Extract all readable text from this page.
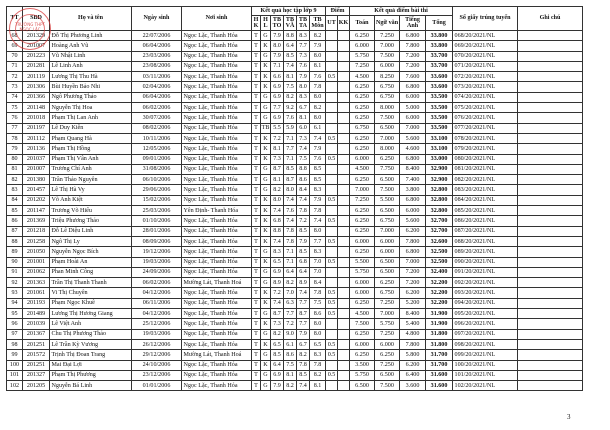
TT	SBD	Họ và tên	Ngày sinh	Nơi sinh	Kết quả học tập lớp 9						Điểm		Kết quả điểm bài thi				Số giấy trúng tuyển	Ghi chú
					H K	H L	TB TO	TB VĂ	TB TA	TB Môn	UT	KK	Toán	Ngữ văn	Tiếng Anh	Tổng		
68	201329	Đỗ Thị Phương Linh	22/07/2006	Ngọc Lặc, Thanh Hóa	T	G	7.9	8.8	8.3	8.2			6.250	7.250	6.800	33.800	068/20/2021/NL	
69	201007	Hoàng Anh Vũ	06/04/2006	Ngọc Lặc, Thanh Hóa	T	K	8.0	6.4	7.7	7.9			6.000	7.000	7.800	33.800	069/20/2021/NL	
70	201223	Vũ Nhật Linh	23/03/2006	Ngọc Lặc, Thanh Hóa	T	G	7.9	8.5	7.3	8.0			5.750	7.500	7.200	33.700	070/20/2021/NL	
71	201281	Lê Linh Anh	23/08/2006	Ngọc Lặc, Thanh Hóa	T	K	7.1	7.4	7.6	8.1			7.250	6.000	7.200	33.700	071/20/2021/NL	
72	201119	Lương Thị Thu Hà	03/11/2006	Ngọc Lặc, Thanh Hóa	T	K	6.6	8.1	7.9	7.6	0.5		4.500	8.250	7.600	33.600	072/20/2021/NL	
73	201306	Bùi Huyền Bảo Nhi	02/04/2006	Ngọc Lặc, Thanh Hóa	T	K	6.9	7.5	8.0	7.8			6.250	6.750	6.800	33.600	073/20/2021/NL	
74	201366	Ngô Phương Thảo	06/04/2006	Ngọc Lặc, Thanh Hóa	T	G	6.9	8.2	8.3	8.0			6.250	6.750	6.000	33.500	074/20/2021/NL	
75	201148	Nguyễn Thị Hoa	06/02/2006	Ngọc Lặc, Thanh Hóa	T	G	7.7	9.2	6.7	8.2			6.250	8.000	5.000	33.500	075/20/2021/NL	
76	201018	Phạm Thị Lan Anh	30/07/2006	Ngọc Lặc, Thanh Hóa	T	G	6.9	7.6	8.1	8.0			6.250	7.500	6.000	33.500	076/20/2021/NL	
77	201197	Lê Duy Kiên	08/02/2006	Ngọc Lặc, Thanh Hóa	T	TB	5.5	5.9	6.0	6.1			6.750	6.500	7.000	33.500	077/20/2021/NL	
78	201112	Phạm Quang Hà	10/11/2006	Ngọc Lặc, Thanh Hóa	T	K	7.2	7.1	7.3	7.4	0.5		6.250	7.000	5.600	33.100	078/20/2021/NL	
79	201136	Phạm Thị Hồng	12/05/2006	Ngọc Lặc, Thanh Hóa	T	K	8.1	7.7	7.4	7.9			6.250	8.000	4.600	33.100	079/20/2021/NL	
80	201037	Phạm Thị Vân Anh	09/01/2006	Ngọc Lặc, Thanh Hóa	T	K	7.3	7.1	7.5	7.6	0.5		6.000	6.250	6.800	33.000	080/20/2021/NL	
81	201007	Trương Chí Anh	31/08/2006	Ngọc Lặc, Thanh Hóa	T	G	8.7	8.5	8.8	8.5			4.500	7.750	8.400	32.900	081/20/2021/NL	
82	201380	Trần Thảo Nguyên	06/10/2006	Ngọc Lặc, Thanh Hóa	T	G	8.1	8.7	8.6	8.5			6.250	6.500	7.400	32.900	082/20/2021/NL	
83	201457	Lê Thị Hà Vy	29/06/2006	Ngọc Lặc, Thanh Hóa	T	G	8.2	8.0	8.4	8.3			7.000	7.500	3.800	32.800	083/20/2021/NL	
84	201202	Võ Anh Kiệt	15/02/2006	Ngọc Lặc, Thanh Hóa	T	K	8.0	7.4	7.4	7.9	0.5		7.250	5.500	6.800	32.800	084/20/2021/NL	
85	201147	Trương Võ Hiếu	25/03/2006	Yên Định- Thanh Hóa	T	K	7.4	7.6	7.8	7.8			6.250	6.500	6.000	32.800	085/20/2021/NL	
86	201369	Triệu Phương Thảo	01/10/2006	Ngọc Lặc, Thanh Hóa	T	K	6.8	7.4	7.2	7.4	0.5		6.250	6.750	5.600	32.700	086/20/2021/NL	
87	201218	Đỗ Lê Diệu Linh	28/01/2006	Ngọc Lặc, Thanh Hóa	T	K	8.8	7.8	8.5	8.0			6.250	7.000	6.200	32.700	087/20/2021/NL	
88	201258	Ngô Thị Ly	08/09/2006	Ngọc Lặc, Thanh Hóa	T	K	7.4	7.8	7.9	7.7	0.5		6.000	6.000	7.800	32.600	088/20/2021/NL	
89	201050	Nguyễn Ngọc Bích	19/12/2006	Ngọc Lặc, Thanh Hóa	T	G	8.3	7.1	8.5	8.3			6.250	6.000	6.800	32.500	089/20/2021/NL	
90	201001	Phạm Hoài An	19/03/2006	Ngọc Lặc, Thanh Hóa	T	K	6.5	7.1	6.8	7.0	0.5		5.500	6.500	7.000	32.500	090/20/2021/NL	
91	201062	Phan Minh Công	24/09/2006	Ngọc Lặc, Thanh Hóa	T	G	6.9	6.4	6.4	7.0			5.750	6.500	7.200	32.400	091/20/2021/NL	
92	201363	Trần Thị Thanh Thanh	06/02/2006	Mường Lát, Thanh Hoá	T	G	8.9	8.2	8.9	8.4			6.000	6.250	7.200	32.200	092/20/2021/NL	
93	201061	Vi Thị Chuyên	04/12/2006	Ngọc Lặc, Thanh Hóa	T	K	7.2	7.0	7.4	7.8	0.5		6.000	6.750	6.200	32.200	093/20/2021/NL	
94	201193	Phạm Ngọc Khuê	06/11/2006	Ngọc Lặc, Thanh Hóa	T	K	7.4	6.3	7.7	7.5	0.5		6.250	7.250	5.200	32.200	094/20/2021/NL	
95	201489	Lương Thị Hương Giang	04/12/2006	Ngọc Lặc, Thanh Hóa	T	G	8.7	7.7	8.7	8.6	0.5		4.500	7.000	8.400	31.900	095/20/2021/NL	
96	201039	Lê Việt Anh	25/12/2006	Ngọc Lặc, Thanh Hóa	T	K	7.3	7.2	7.7	8.0			7.500	5.750	5.400	31.900	096/20/2021/NL	
97	201367	Chu Thị Phương Thảo	19/03/2006	Ngọc Lặc, Thanh Hóa	T	G	8.2	9.0	7.9	8.0			6.250	7.250	4.800	31.800	097/20/2021/NL	
98	201251	Lê Trần Kỳ Vương	26/12/2006	Ngọc Lặc, Thanh Hóa	T	K	6.5	6.1	6.7	6.5	0.5		6.000	6.000	7.800	31.800	098/20/2021/NL	
99	201572	Trịnh Thị Đoan Trang	29/12/2006	Mường Lát, Thanh Hoá	T	G	8.5	8.6	8.2	8.3	0.5		6.250	6.250	5.800	31.700	099/20/2021/NL	
100	201251	Mai Đại Lợi	24/10/2006	Ngọc Lặc, Thanh Hóa	T	K	6.4	7.5	7.8	7.8			3.500	7.250	6.200	31.700	100/20/2021/NL	
101	201327	Phạm Thị Phương	23/12/2006	Ngọc Lặc, Thanh Hóa	T	G	6.9	8.1	8.5	8.2	0.5		5.750	6.500	6.400	31.600	101/20/2021/NL	
102	201205	Nguyễn Bá Linh	01/01/2006	Ngọc Lặc, Thanh Hóa	T	G	7.9	8.2	7.4	8.1			6.500	7.500	3.600	31.600	102/20/2021/NL	
TRƯỜNG THPT NGỌC LẶC
3
